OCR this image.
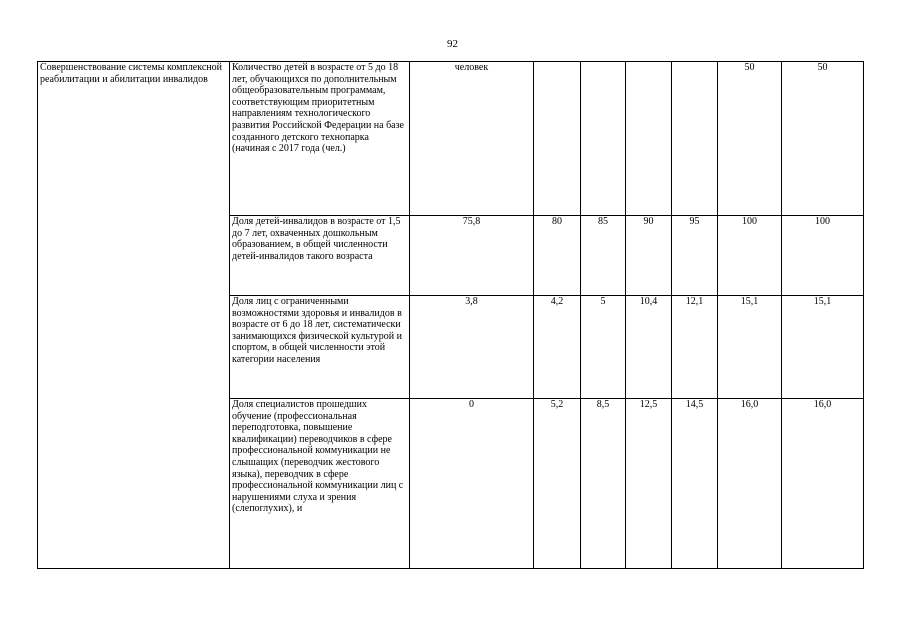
92
Совершенствование системы комплексной реабилитации и абилитации инвалидов	Количество детей в возрасте от 5 до 18 лет, обучающихся по дополнительным общеобразовательным программам, соответствующим приоритетным направлениям технологического развития Российской Федерации на базе созданного детского технопарка (начиная с 2017 года (чел.)	человек					50	50
	Доля детей-инвалидов в возрасте от 1,5 до 7 лет, охваченных дошкольным образованием, в общей численности детей-инвалидов такого возраста	75,8	80	85	90	95	100	100
	Доля лиц с ограниченными возможностями здоровья и инвалидов в возрасте от 6 до 18 лет, систематически занимающихся физической культурой и спортом, в общей численности этой категории населения	3,8	4,2	5	10,4	12,1	15,1	15,1
	Доля специалистов прошедших обучение (профессиональная переподготовка, повышение квалификации) переводчиков в сфере профессиональной коммуникации не слышащих (переводчик жестового языка), переводчик в сфере профессиональной коммуникации лиц с нарушениями слуха и зрения (слепоглухих), и	0	5,2	8,5	12,5	14,5	16,0	16,0
